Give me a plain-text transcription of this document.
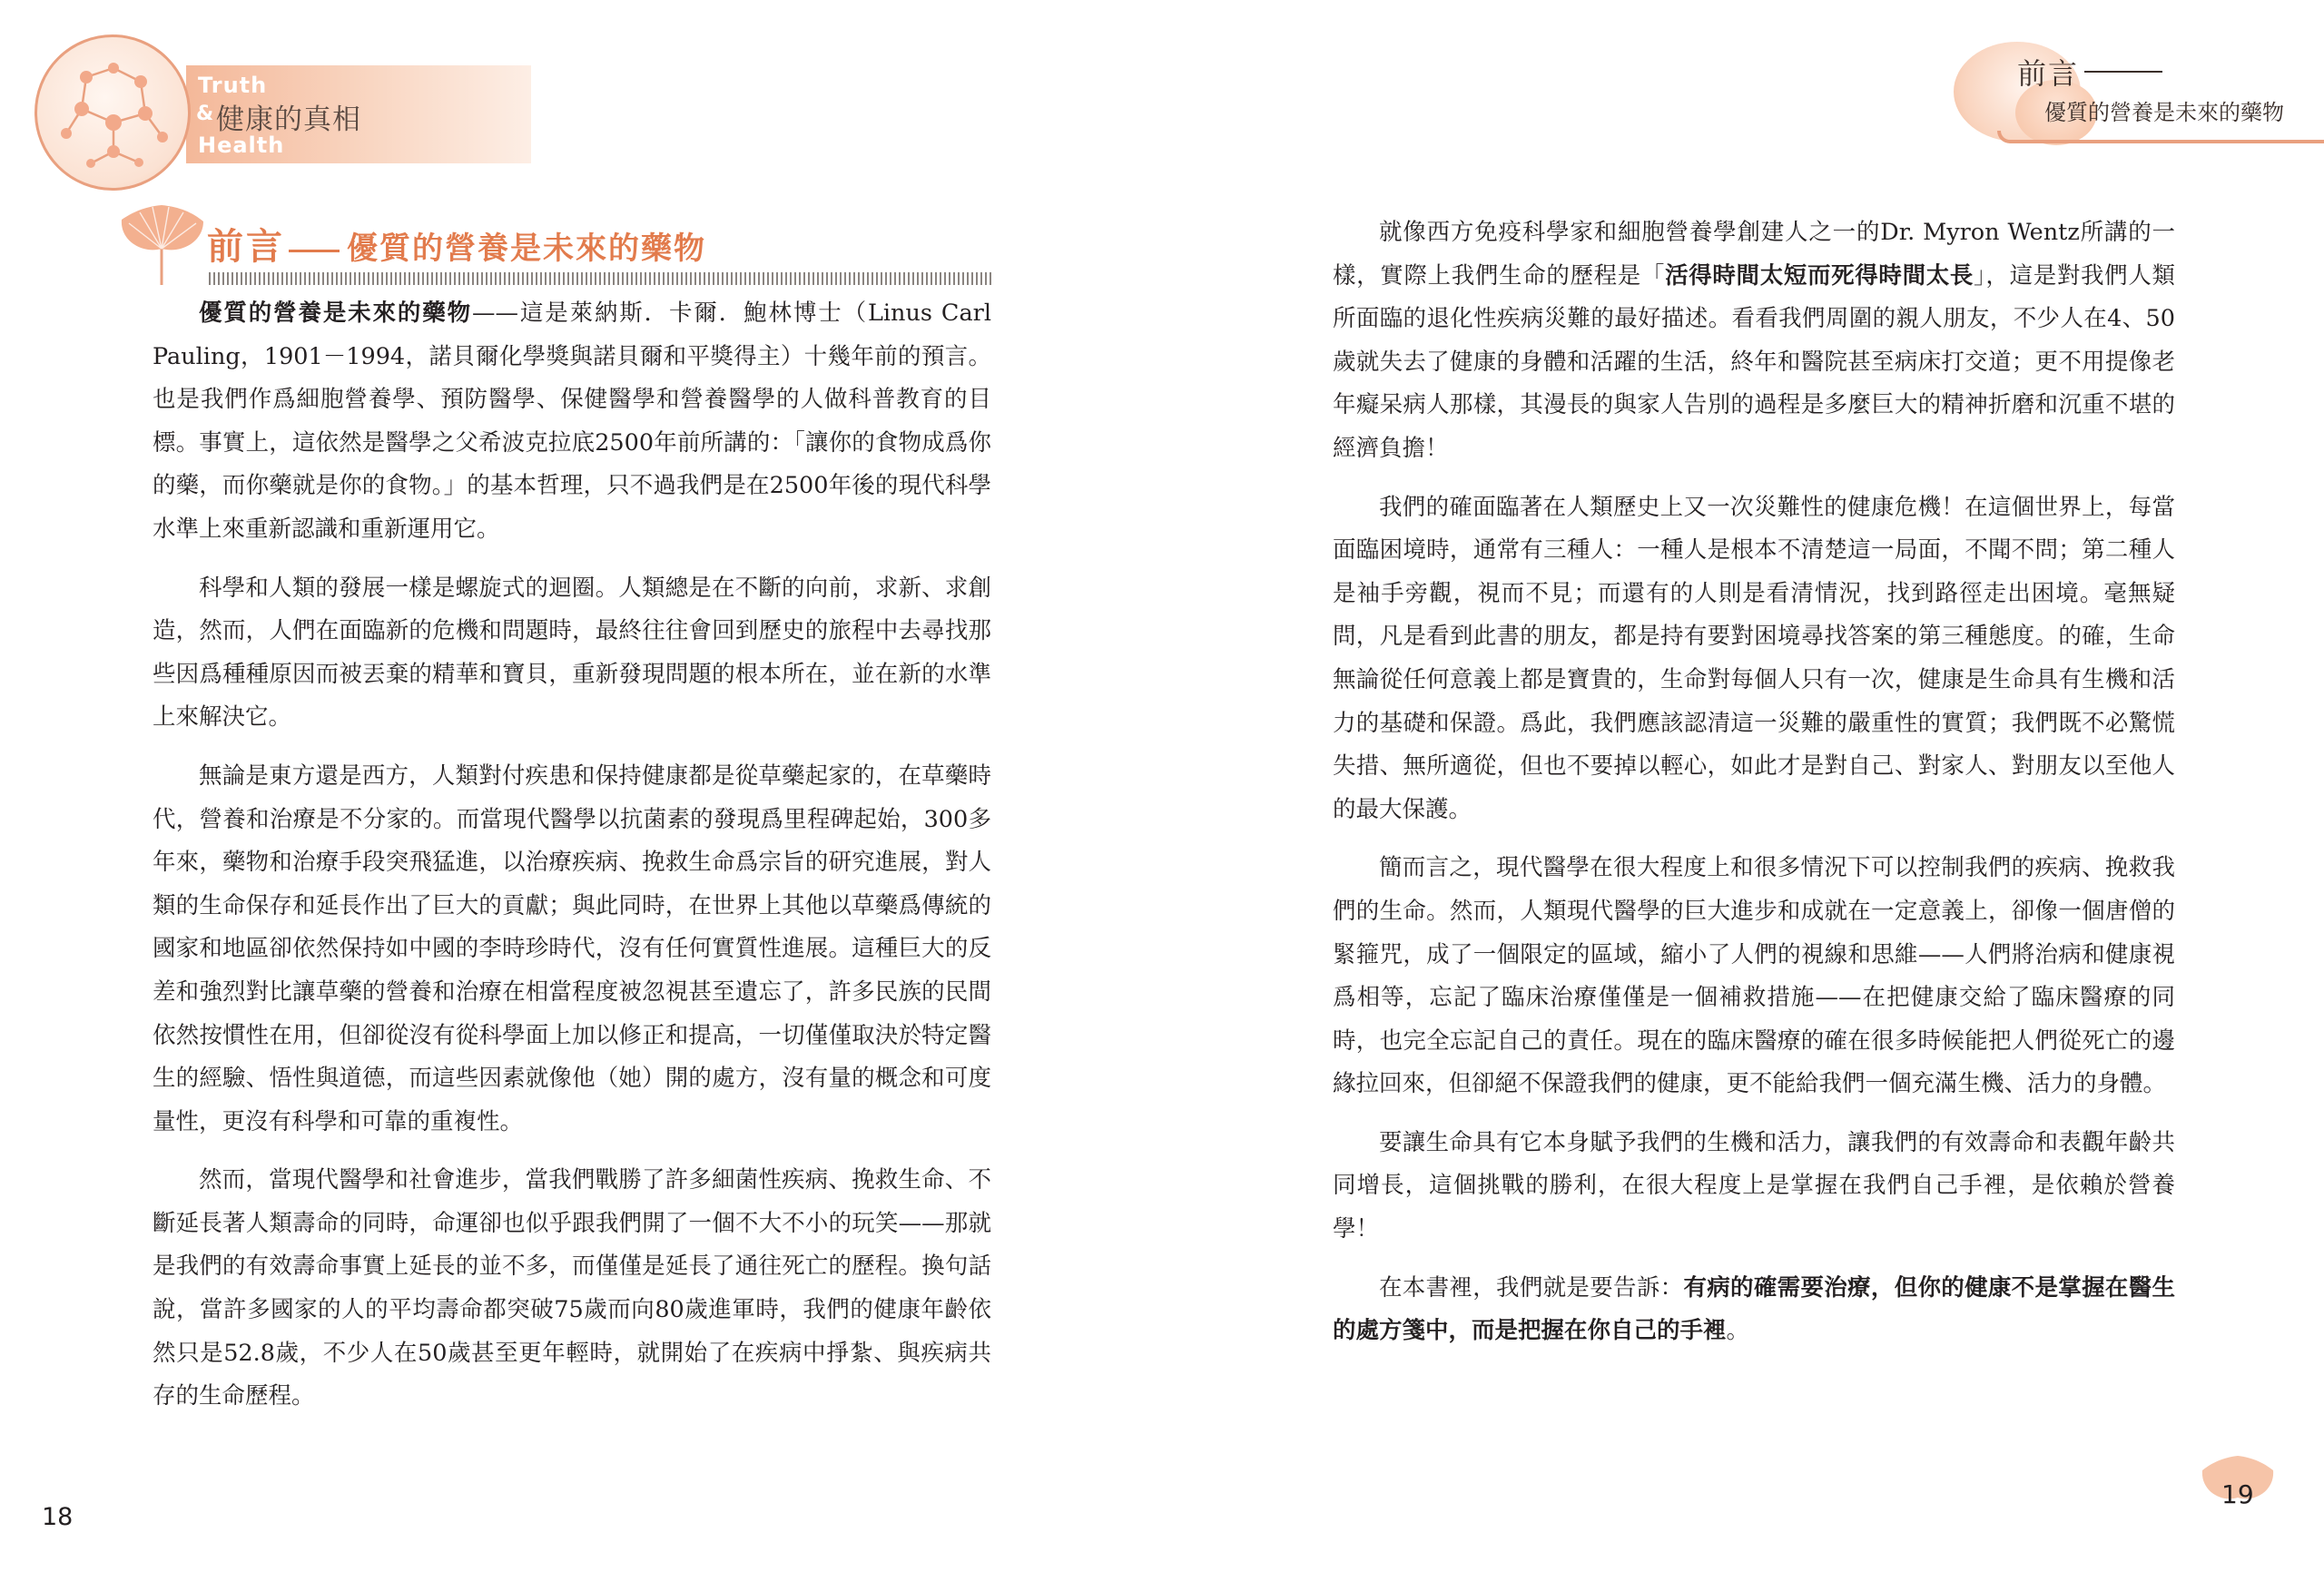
Truth
&
Health
健康的真相
前言
優質的營養是未來的藥物
前言 優質的營養是未來的藥物

優質的營養是未來的藥物——這是萊納斯．卡爾．鮑林博士（Linus Carl Pauling，1901－1994，諾貝爾化學獎與諾貝爾和平獎得主）十幾年前的預言。也是我們作爲細胞營養學、預防醫學、保健醫學和營養醫學的人做科普教育的目標。事實上，這依然是醫學之父希波克拉底2500年前所講的：「讓你的食物成爲你的藥，而你藥就是你的食物。」的基本哲理，只不過我們是在2500年後的現代科學水準上來重新認識和重新運用它。

科學和人類的發展一樣是螺旋式的迴圈。人類總是在不斷的向前，求新、求創造，然而，人們在面臨新的危機和問題時，最終往往會回到歷史的旅程中去尋找那些因爲種種原因而被丟棄的精華和寶貝，重新發現問題的根本所在，並在新的水準上來解決它。

無論是東方還是西方，人類對付疾患和保持健康都是從草藥起家的，在草藥時代，營養和治療是不分家的。而當現代醫學以抗菌素的發現爲里程碑起始，300多年來，藥物和治療手段突飛猛進，以治療疾病、挽救生命爲宗旨的研究進展，對人類的生命保存和延長作出了巨大的貢獻；與此同時，在世界上其他以草藥爲傳統的國家和地區卻依然保持如中國的李時珍時代，沒有任何實質性進展。這種巨大的反差和強烈對比讓草藥的營養和治療在相當程度被忽視甚至遺忘了，許多民族的民間依然按慣性在用，但卻從沒有從科學面上加以修正和提高，一切僅僅取決於特定醫生的經驗、悟性與道德，而這些因素就像他（她）開的處方，沒有量的概念和可度量性，更沒有科學和可靠的重複性。

然而，當現代醫學和社會進步，當我們戰勝了許多細菌性疾病、挽救生命、不斷延長著人類壽命的同時，命運卻也似乎跟我們開了一個不大不小的玩笑——那就是我們的有效壽命事實上延長的並不多，而僅僅是延長了通往死亡的歷程。換句話說，當許多國家的人的平均壽命都突破75歲而向80歲進軍時，我們的健康年齡依然只是52.8歲，不少人在50歲甚至更年輕時，就開始了在疾病中掙紮、與疾病共存的生命歷程。

就像西方免疫科學家和細胞營養學創建人之一的Dr. Myron Wentz所講的一樣，實際上我們生命的歷程是「活得時間太短而死得時間太長」，這是對我們人類所面臨的退化性疾病災難的最好描述。看看我們周圍的親人朋友，不少人在4、50歲就失去了健康的身體和活躍的生活，終年和醫院甚至病床打交道；更不用提像老年癡呆病人那樣，其漫長的與家人告別的過程是多麼巨大的精神折磨和沉重不堪的經濟負擔！

我們的確面臨著在人類歷史上又一次災難性的健康危機！在這個世界上，每當面臨困境時，通常有三種人：一種人是根本不清楚這一局面，不聞不問；第二種人是袖手旁觀，視而不見；而還有的人則是看清情況，找到路徑走出困境。毫無疑問，凡是看到此書的朋友，都是持有要對困境尋找答案的第三種態度。的確，生命無論從任何意義上都是寶貴的，生命對每個人只有一次，健康是生命具有生機和活力的基礎和保證。爲此，我們應該認清這一災難的嚴重性的實質；我們既不必驚慌失措、無所適從，但也不要掉以輕心，如此才是對自己、對家人、對朋友以至他人的最大保護。

簡而言之，現代醫學在很大程度上和很多情況下可以控制我們的疾病、挽救我們的生命。然而，人類現代醫學的巨大進步和成就在一定意義上，卻像一個唐僧的緊箍咒，成了一個限定的區域，縮小了人們的視線和思維——人們將治病和健康視爲相等，忘記了臨床治療僅僅是一個補救措施——在把健康交給了臨床醫療的同時，也完全忘記自己的責任。現在的臨床醫療的確在很多時候能把人們從死亡的邊緣拉回來，但卻絕不保證我們的健康，更不能給我們一個充滿生機、活力的身體。

要讓生命具有它本身賦予我們的生機和活力，讓我們的有效壽命和表觀年齡共同增長，這個挑戰的勝利，在很大程度上是掌握在我們自己手裡，是依賴於營養學！

在本書裡，我們就是要告訴：有病的確需要治療，但你的健康不是掌握在醫生的處方箋中，而是把握在你自己的手裡。

18
19
